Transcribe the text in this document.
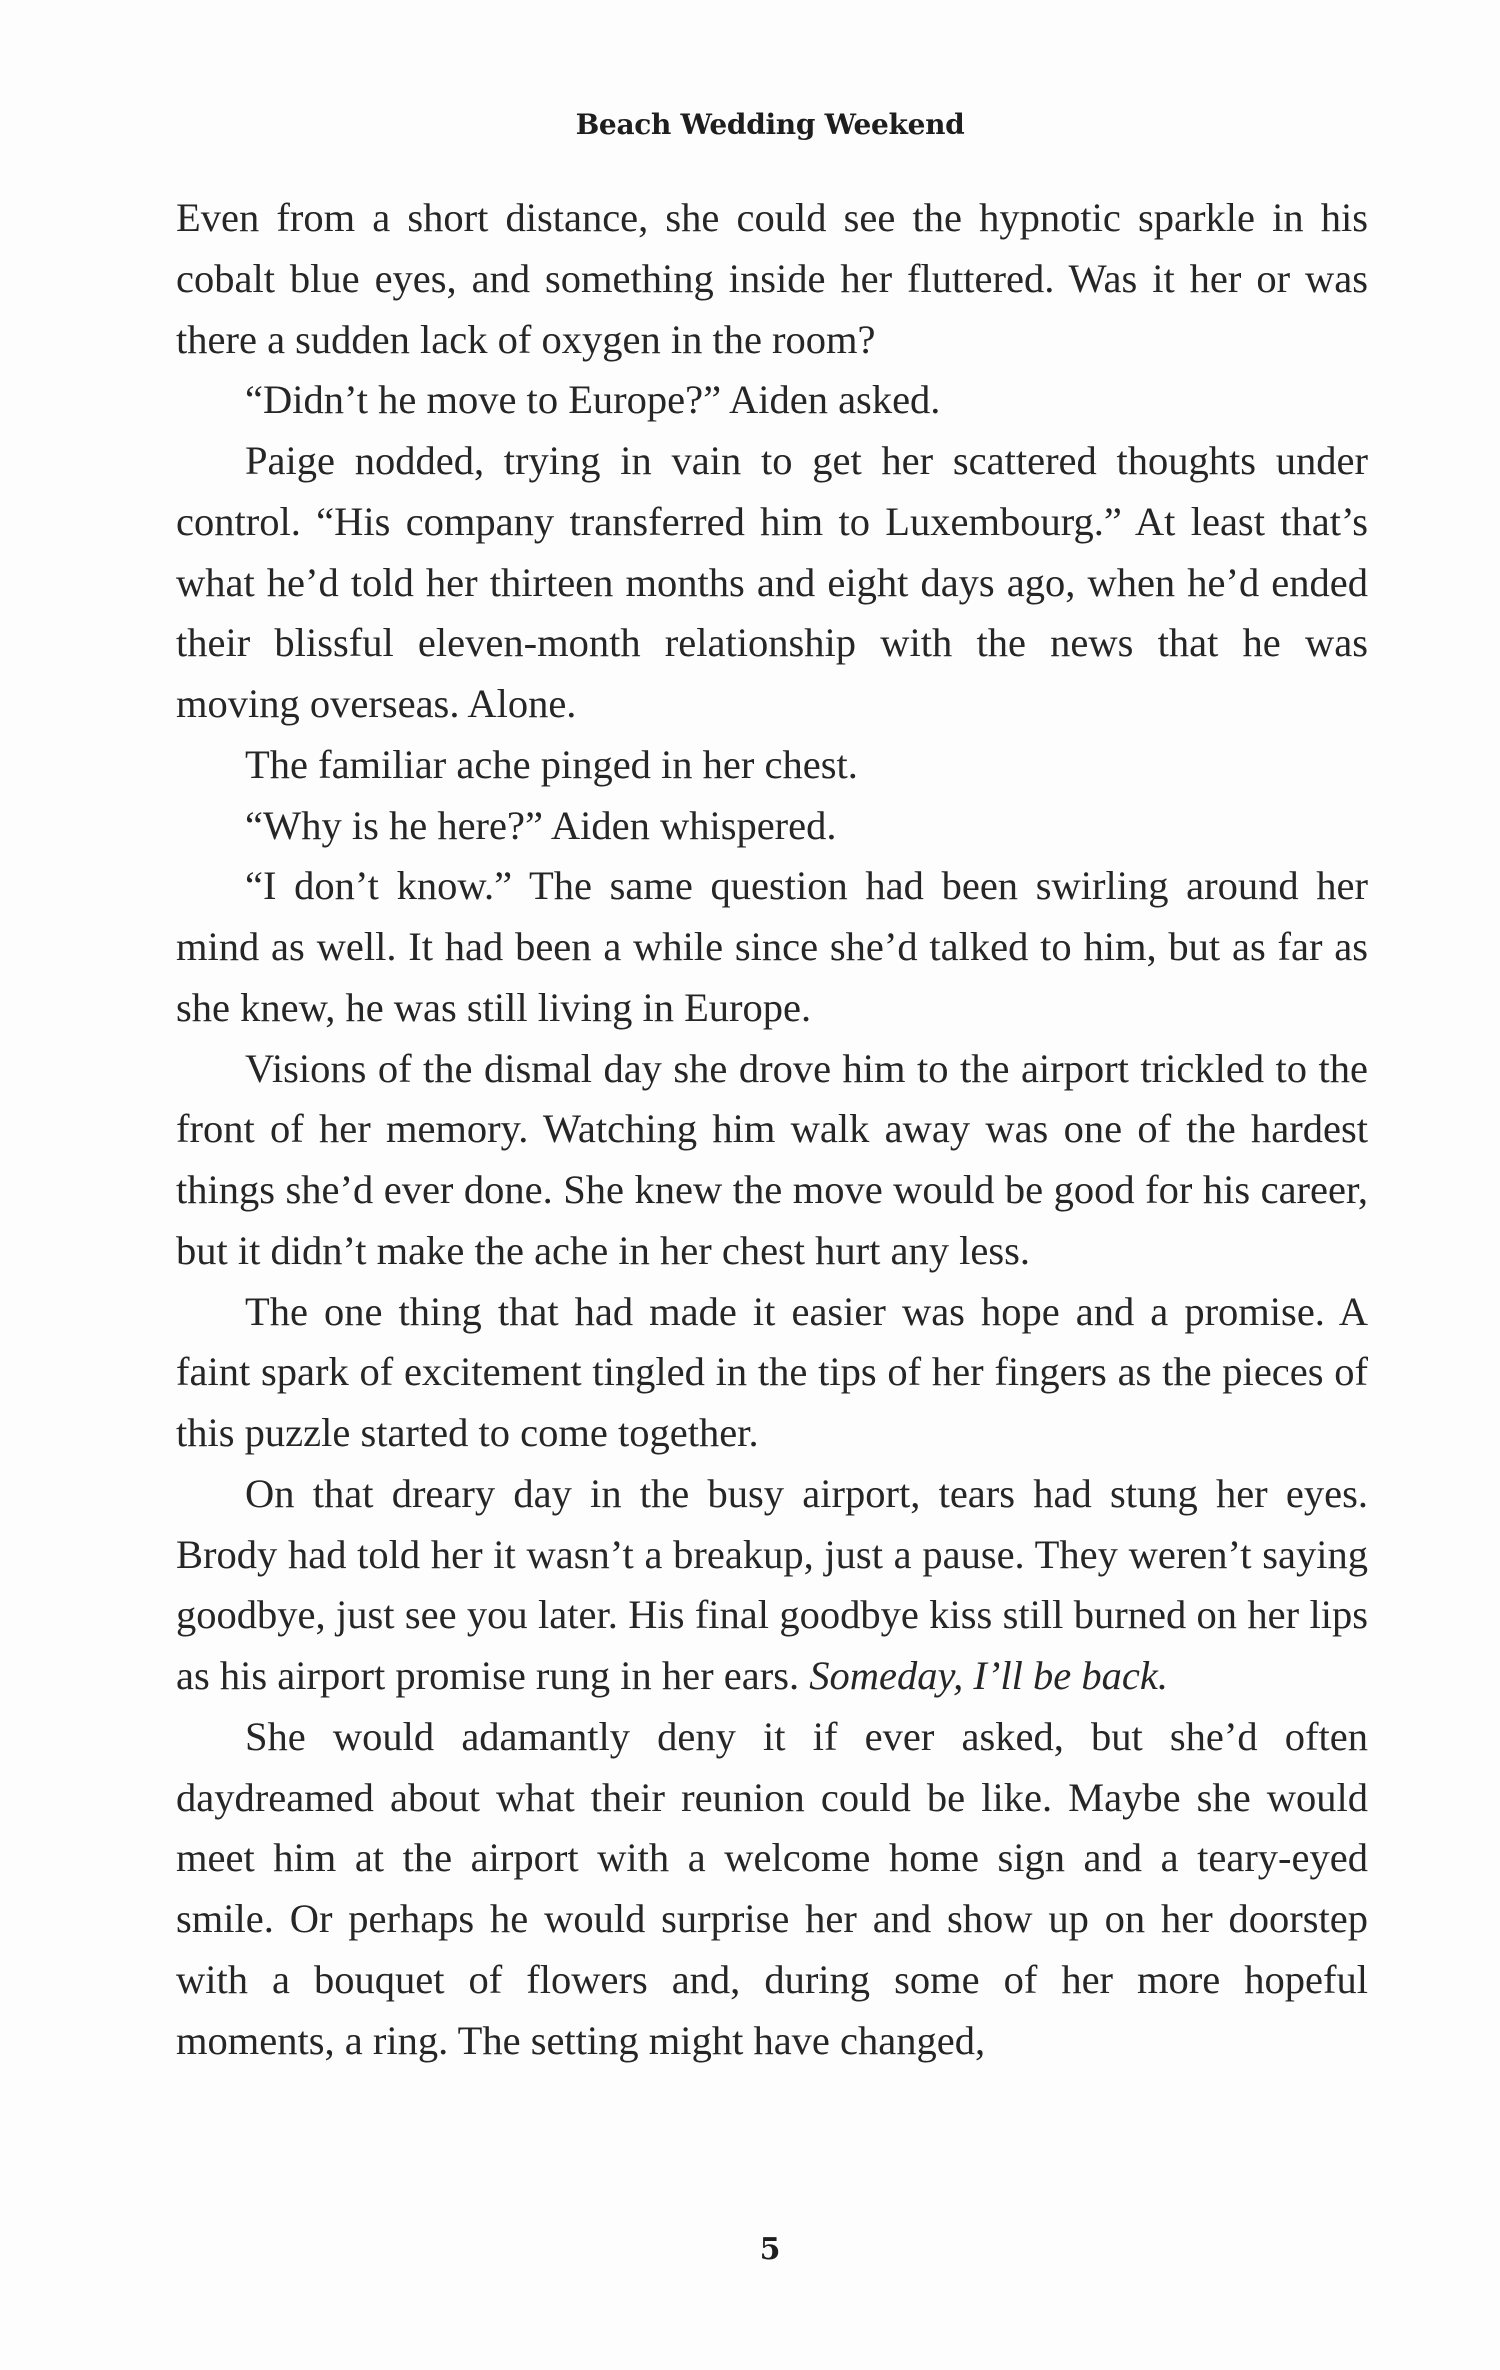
Beach Wedding Weekend

Even from a short distance, she could see the hypnotic sparkle in his cobalt blue eyes, and something inside her fluttered. Was it her or was there a sudden lack of oxygen in the room?

“Didn’t he move to Europe?” Aiden asked.

Paige nodded, trying in vain to get her scattered thoughts under control. “His company transferred him to Luxembourg.” At least that’s what he’d told her thirteen months and eight days ago, when he’d ended their blissful eleven-month relationship with the news that he was moving overseas. Alone.

The familiar ache pinged in her chest.

“Why is he here?” Aiden whispered.

“I don’t know.” The same question had been swirling around her mind as well. It had been a while since she’d talked to him, but as far as she knew, he was still living in Europe.

Visions of the dismal day she drove him to the airport trickled to the front of her memory. Watching him walk away was one of the hardest things she’d ever done. She knew the move would be good for his career, but it didn’t make the ache in her chest hurt any less.

The one thing that had made it easier was hope and a promise. A faint spark of excitement tingled in the tips of her fingers as the pieces of this puzzle started to come together.

On that dreary day in the busy airport, tears had stung her eyes. Brody had told her it wasn’t a breakup, just a pause. They weren’t saying goodbye, just see you later. His final goodbye kiss still burned on her lips as his airport promise rung in her ears. Someday, I’ll be back.

She would adamantly deny it if ever asked, but she’d often daydreamed about what their reunion could be like. Maybe she would meet him at the airport with a welcome home sign and a teary-eyed smile. Or perhaps he would surprise her and show up on her doorstep with a bouquet of flowers and, during some of her more hopeful moments, a ring. The setting might have changed,

5
